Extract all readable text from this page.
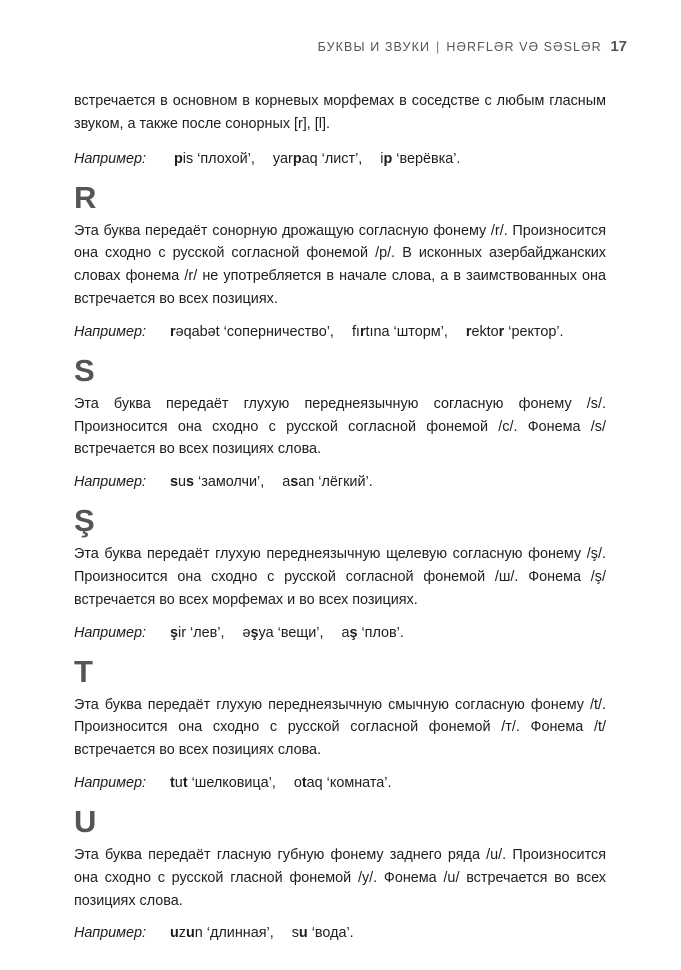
БУКВЫ И ЗВУКИ | HƏRFLƏR VƏ SƏSLƏR 17

встречается в основном в корневых морфемах в соседстве с любым гласным звуком, а также после сонорных [r], [l].

Например: pis ‘плохой’, yarpaq ‘лист’, ip ‘верёвка’.
R

Эта буква передаёт сонорную дрожащую согласную фонему /r/. Произносится она сходно с русской согласной фонемой /р/. В исконных азербайджанских словах фонема /r/ не употребляется в начале слова, а в заимствованных она встречается во всех позициях.

Например: rəqabət ‘соперничество’, fırtına ‘шторм’, rektor ‘ректор’.
S

Эта буква передаёт глухую переднеязычную согласную фонему /s/. Произносится она сходно с русской согласной фонемой /с/. Фонема /s/ встречается во всех позициях слова.

Например: sus ‘замолчи’, asan ‘лёгкий’.
Ş

Эта буква передаёт глухую переднеязычную щелевую согласную фонему /ş/. Произносится она сходно с русской согласной фонемой /ш/. Фонема /ş/ встречается во всех морфемах и во всех позициях.

Например: şir ‘лев’, əşya ‘вещи’, aş ‘плов’.
T

Эта буква передаёт глухую переднеязычную смычную согласную фонему /t/. Произносится она сходно с русской согласной фонемой /т/. Фонема /t/ встречается во всех позициях слова.

Например: tut ‘шелковица’, otaq ‘комната’.
U

Эта буква передаёт гласную губную фонему заднего ряда /u/. Произносится она сходно с русской гласной фонемой /у/. Фонема /u/ встречается во всех позициях слова.

Например: uzun ‘длинная’, su ‘вода’.
